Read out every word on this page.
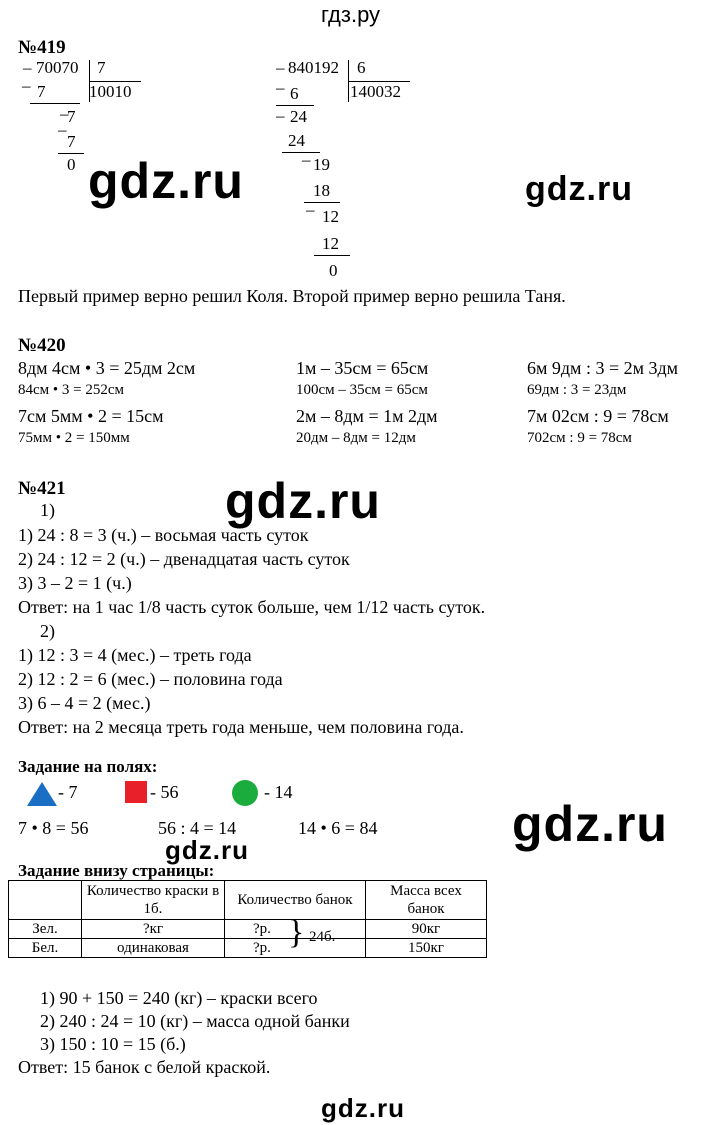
гдз.ру
gdz.ru	gdz.ru
gdz.ru
gdz.ru
gdz.ru
gdz.ru
№419
– 70070 7
10010
– 7
–
7
–
7
0
– 840192 6
140032
– 6
– 24
24
– 19
18
– 12
12
0
Первый пример верно решил Коля. Второй пример верно решила Таня.
№420
8дм 4см • 3 = 25дм 2см	1м – 35см = 65см	6м 9дм : 3 = 2м 3дм
84см • 3 = 252см	100см – 35см = 65см	69дм : 3 = 23дм
7см 5мм • 2 = 15см	2м – 8дм = 1м 2дм	7м 02см : 9 = 78см
75мм • 2 = 150мм	20дм – 8дм = 12дм	702см : 9 = 78см
№421
1)
1) 24 : 8 = 3 (ч.) – восьмая часть суток
2) 24 : 12 = 2 (ч.) – двенадцатая часть суток
3) 3 – 2 = 1 (ч.)
Ответ: на 1 час 1/8 часть суток больше, чем 1/12 часть суток.
2)
1) 12 : 3 = 4 (мес.) – треть года
2) 12 : 2 = 6 (мес.) – половина года
3) 6 – 4 = 2 (мес.)
Ответ: на 2 месяца треть года меньше, чем половина года.
Задание на полях:
- 7	- 56	- 14
7 • 8 = 56	56 : 4 = 14	14 • 6 = 84
Задание внизу страницы:
	Количество краски в 1б.	Количество банок	Масса всех банок
Зел.	?кг	?р.	90кг
Бел.	одинаковая	?р.	150кг
} 24б.
1) 90 + 150 = 240 (кг) – краски всего
2) 240 : 24 = 10 (кг) – масса одной банки
3) 150 : 10 = 15 (б.)
Ответ: 15 банок с белой краской.
